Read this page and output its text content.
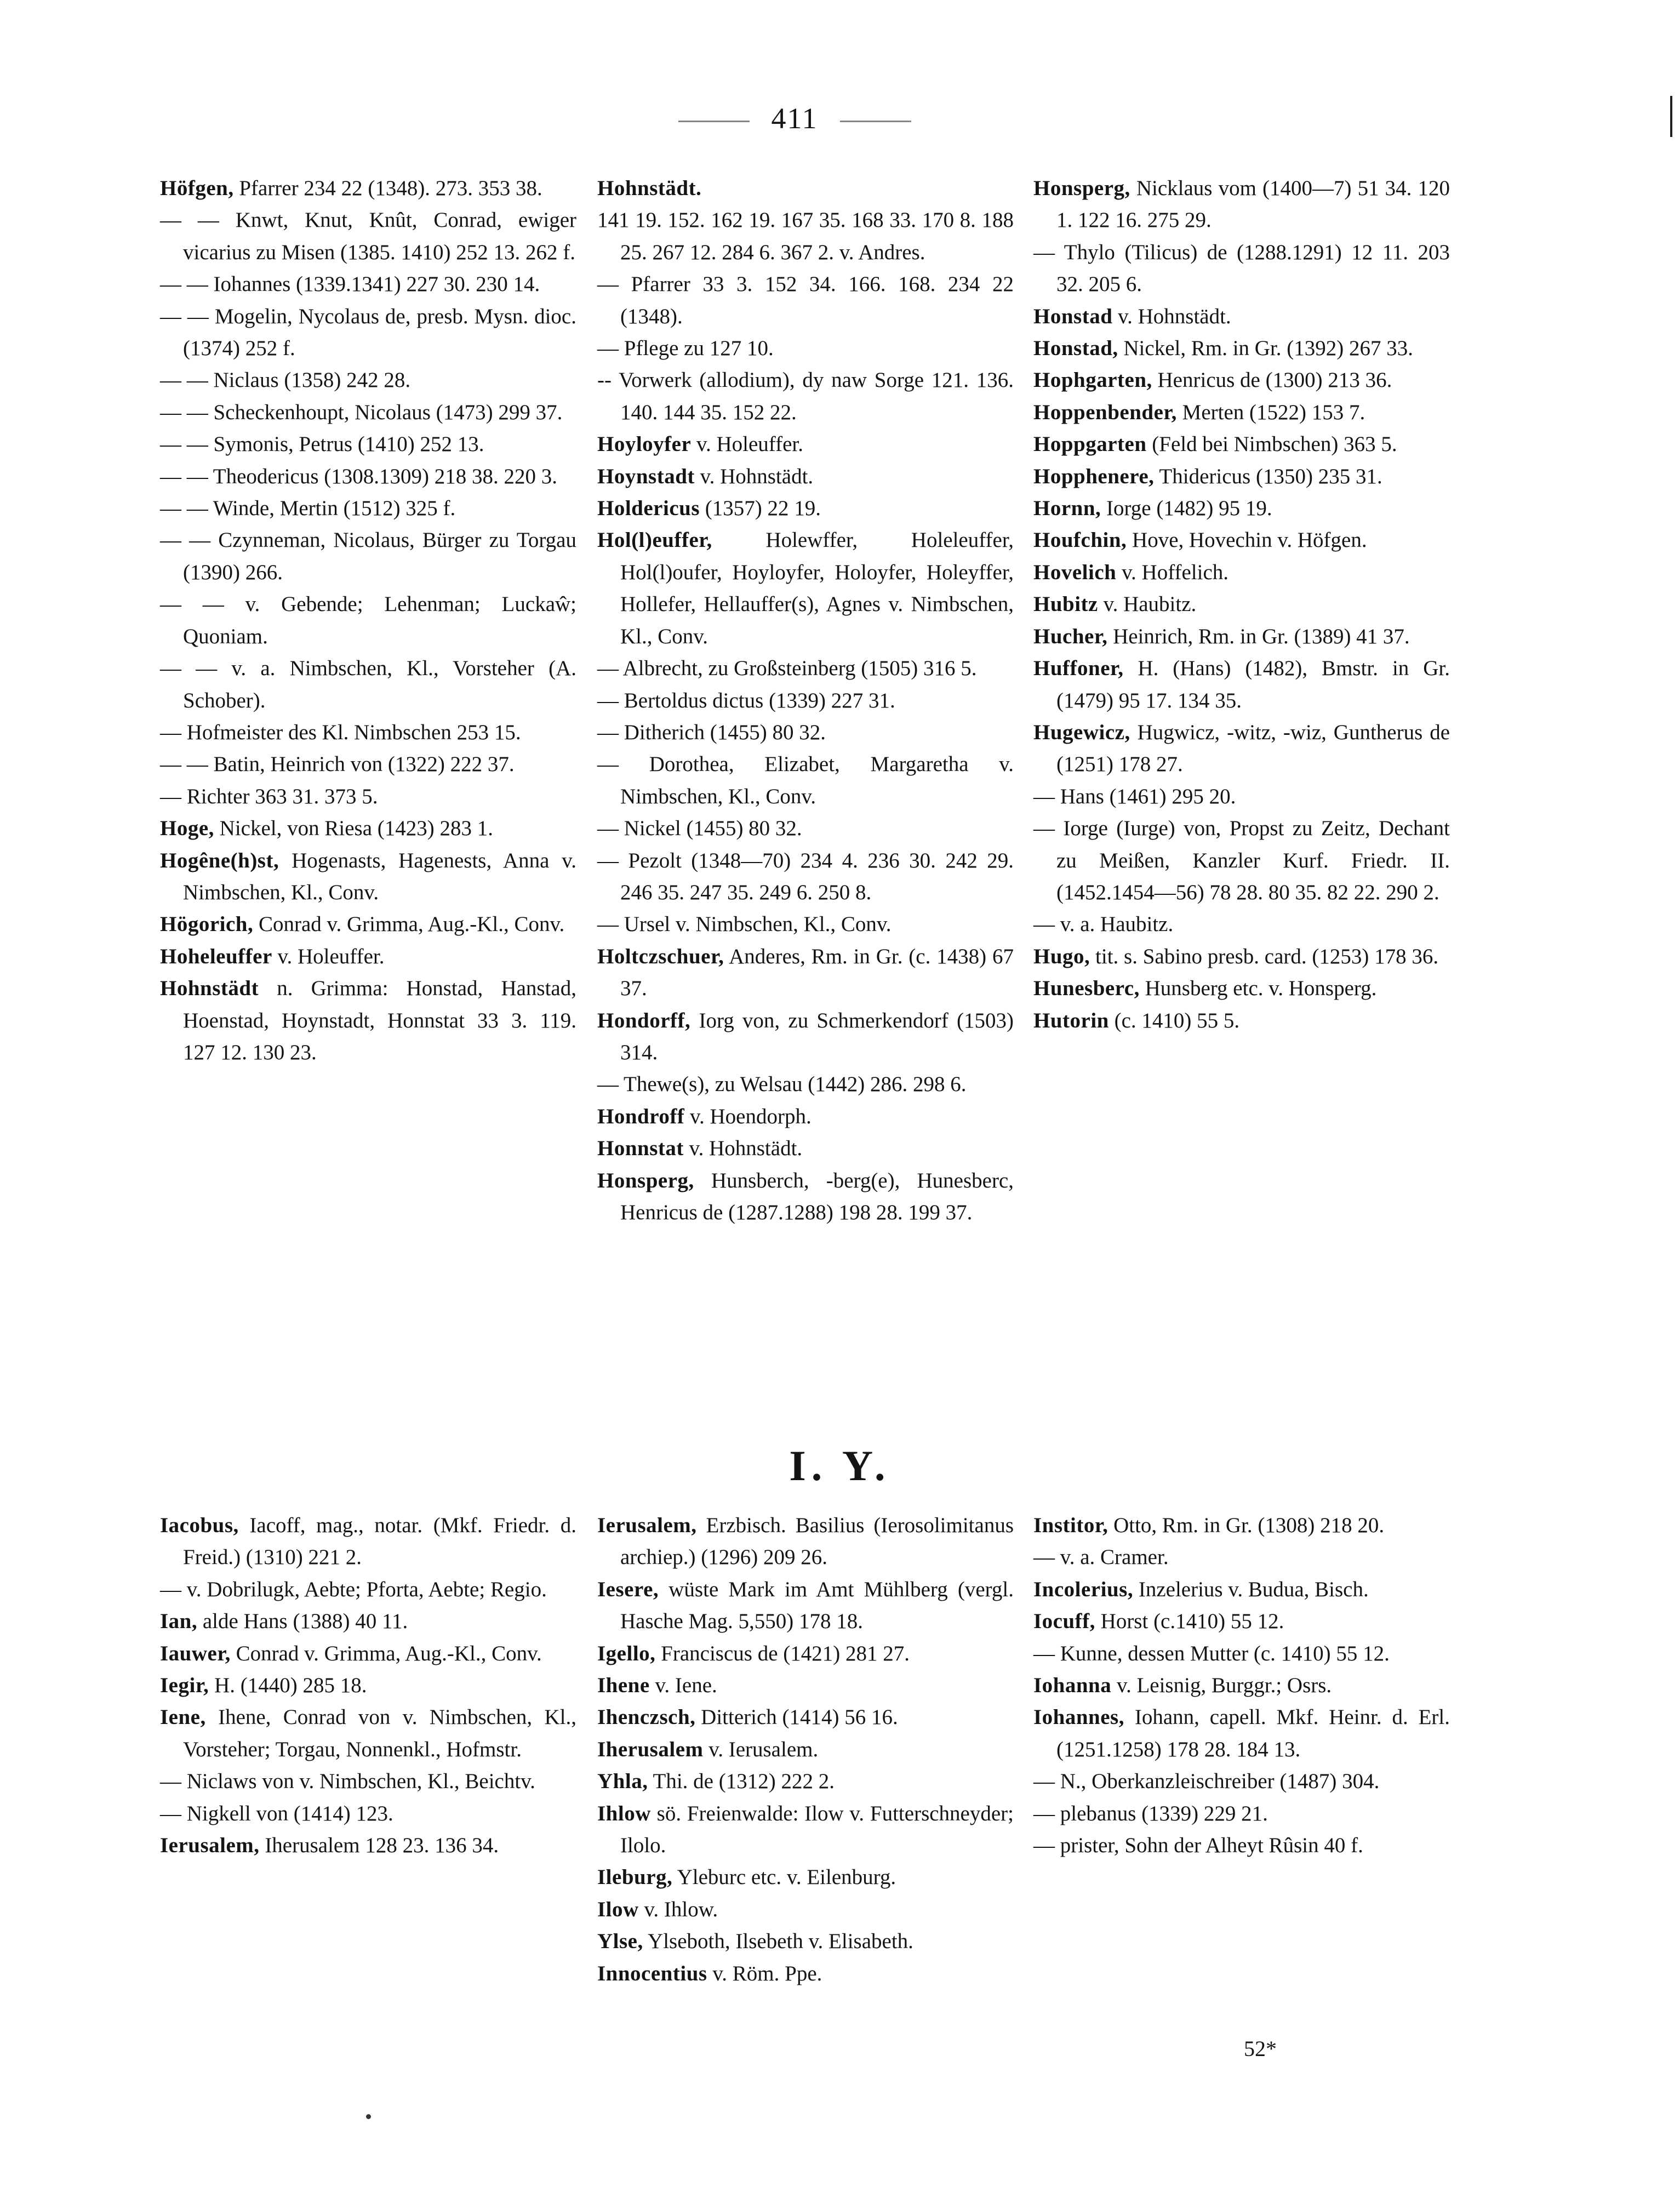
411
Höfgen, Pfarrer 234 22 (1348). 273. 353 38.
— — Knwt, Knut, Knût, Conrad, ewiger vicarius zu Misen (1385. 1410) 252 13. 262 f.
— — Iohannes (1339.1341) 227 30. 230 14.
— — Mogelin, Nycolaus de, presb. Mysn. dioc. (1374) 252 f.
— — Niclaus (1358) 242 28.
— — Scheckenhoupt, Nicolaus (1473) 299 37.
— — Symonis, Petrus (1410) 252 13.
— — Theodericus (1308.1309) 218 38. 220 3.
— — Winde, Mertin (1512) 325 f.
— — Czynneman, Nicolaus, Bürger zu Torgau (1390) 266.
— — v. Gebende; Lehenman; Luckaŵ; Quoniam.
— — v. a. Nimbschen, Kl., Vorsteher (A. Schober).
— Hofmeister des Kl. Nimbschen 253 15.
— — Batin, Heinrich von (1322) 222 37.
— Richter 363 31. 373 5.
Hoge, Nickel, von Riesa (1423) 283 1.
Hogêne(h)st, Hogenasts, Hagenests, Anna v. Nimbschen, Kl., Conv.
Högorich, Conrad v. Grimma, Aug.-Kl., Conv.
Hoheleuffer v. Holeuffer.
Hohnstädt n. Grimma: Honstad, Hanstad, Hoenstad, Hoynstadt, Honnstat 33 3. 119. 127 12. 130 23.
Hohnstädt.
141 19. 152. 162 19. 167 35. 168 33. 170 8. 188 25. 267 12. 284 6. 367 2. v. Andres.
— Pfarrer 33 3. 152 34. 166. 168. 234 22 (1348).
— Pflege zu 127 10.
-- Vorwerk (allodium), dy naw Sorge 121. 136. 140. 144 35. 152 22.
Hoyloyfer v. Holeuffer.
Hoynstadt v. Hohnstädt.
Holdericus (1357) 22 19.
Hol(l)euffer, Holewffer, Holeleuffer, Hol(l)oufer, Hoyloyfer, Holoyfer, Holeyffer, Hollefer, Hellauffer(s), Agnes v. Nimbschen, Kl., Conv.
— Albrecht, zu Großsteinberg (1505) 316 5.
— Bertoldus dictus (1339) 227 31.
— Ditherich (1455) 80 32.
— Dorothea, Elizabet, Margaretha v. Nimbschen, Kl., Conv.
— Nickel (1455) 80 32.
— Pezolt (1348—70) 234 4. 236 30. 242 29. 246 35. 247 35. 249 6. 250 8.
— Ursel v. Nimbschen, Kl., Conv.
Holtczschuer, Anderes, Rm. in Gr. (c. 1438) 67 37.
Hondorff, Iorg von, zu Schmerkendorf (1503) 314.
— Thewe(s), zu Welsau (1442) 286. 298 6.
Hondroff v. Hoendorph.
Honnstat v. Hohnstädt.
Honsperg, Hunsberch, -berg(e), Hunesberc, Henricus de (1287.1288) 198 28. 199 37.
Honsperg, Nicklaus vom (1400—7) 51 34. 120 1. 122 16. 275 29.
— Thylo (Tilicus) de (1288.1291) 12 11. 203 32. 205 6.
Honstad v. Hohnstädt.
Honstad, Nickel, Rm. in Gr. (1392) 267 33.
Hophgarten, Henricus de (1300) 213 36.
Hoppenbender, Merten (1522) 153 7.
Hoppgarten (Feld bei Nimbschen) 363 5.
Hopphenere, Thidericus (1350) 235 31.
Hornn, Iorge (1482) 95 19.
Houfchin, Hove, Hovechin v. Höfgen.
Hovelich v. Hoffelich.
Hubitz v. Haubitz.
Hucher, Heinrich, Rm. in Gr. (1389) 41 37.
Huffoner, H. (Hans) (1482), Bmstr. in Gr. (1479) 95 17. 134 35.
Hugewicz, Hugwicz, -witz, -wiz, Guntherus de (1251) 178 27.
— Hans (1461) 295 20.
— Iorge (Iurge) von, Propst zu Zeitz, Dechant zu Meißen, Kanzler Kurf. Friedr. II. (1452.1454—56) 78 28. 80 35. 82 22. 290 2.
— v. a. Haubitz.
Hugo, tit. s. Sabino presb. card. (1253) 178 36.
Hunesberc, Hunsberg etc. v. Honsperg.
Hutorin (c. 1410) 55 5.
I. Y.
Iacobus, Iacoff, mag., notar. (Mkf. Friedr. d. Freid.) (1310) 221 2.
— v. Dobrilugk, Aebte; Pforta, Aebte; Regio.
Ian, alde Hans (1388) 40 11.
Iauwer, Conrad v. Grimma, Aug.-Kl., Conv.
Iegir, H. (1440) 285 18.
Iene, Ihene, Conrad von v. Nimbschen, Kl., Vorsteher; Torgau, Nonnenkl., Hofmstr.
— Niclaws von v. Nimbschen, Kl., Beichtv.
— Nigkell von (1414) 123.
Ierusalem, Iherusalem 128 23. 136 34.
Ierusalem, Erzbisch. Basilius (Ierosolimitanus archiep.) (1296) 209 26.
Iesere, wüste Mark im Amt Mühlberg (vergl. Hasche Mag. 5,550) 178 18.
Igello, Franciscus de (1421) 281 27.
Ihene v. Iene.
Ihenczsch, Ditterich (1414) 56 16.
Iherusalem v. Ierusalem.
Yhla, Thi. de (1312) 222 2.
Ihlow sö. Freienwalde: Ilow v. Futterschneyder; Ilolo.
Ileburg, Yleburc etc. v. Eilenburg.
Ilow v. Ihlow.
Ylse, Ylseboth, Ilsebeth v. Elisabeth.
Innocentius v. Röm. Ppe.
Institor, Otto, Rm. in Gr. (1308) 218 20.
— v. a. Cramer.
Incolerius, Inzelerius v. Budua, Bisch.
Iocuff, Horst (c.1410) 55 12.
— Kunne, dessen Mutter (c. 1410) 55 12.
Iohanna v. Leisnig, Burggr.; Osrs.
Iohannes, Iohann, capell. Mkf. Heinr. d. Erl. (1251.1258) 178 28. 184 13.
— N., Oberkanzleischreiber (1487) 304.
— plebanus (1339) 229 21.
— prister, Sohn der Alheyt Rûsin 40 f.
52*
